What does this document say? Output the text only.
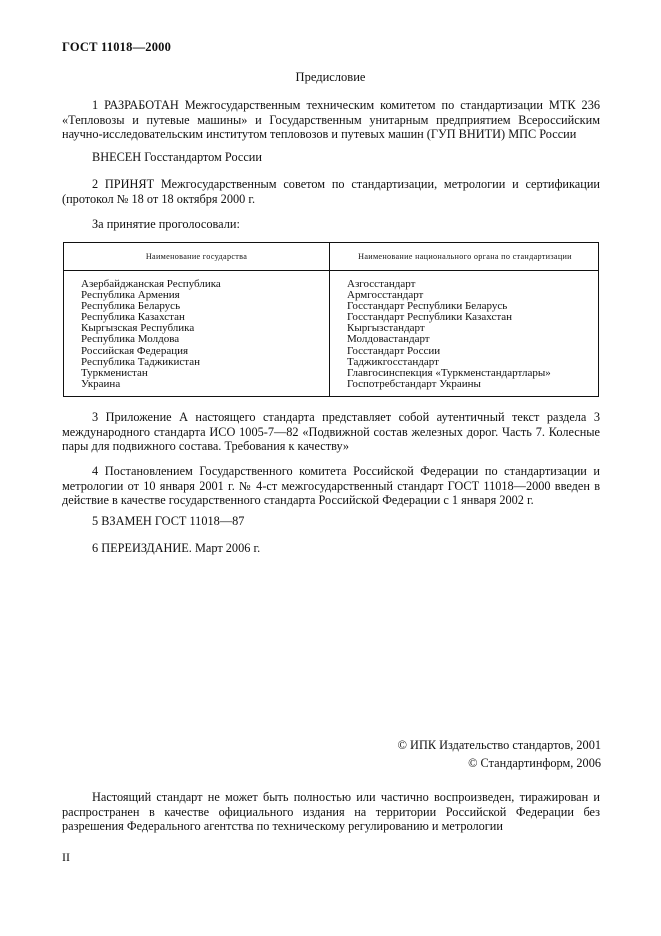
ГОСТ 11018—2000
Предисловие
1 РАЗРАБОТАН Межгосударственным техническим комитетом по стандартизации МТК 236 «Тепловозы и путевые машины» и Государственным унитарным предприятием Всероссийским научно-исследовательским институтом тепловозов и путевых машин (ГУП ВНИТИ) МПС России
ВНЕСЕН Госстандартом России
2 ПРИНЯТ Межгосударственным советом по стандартизации, метрологии и сертификации (протокол № 18 от 18 октября 2000 г.
За принятие проголосовали:
Наименование государства	Наименование национального органа по стандартизации
Азербайджанская Республика
Республика Армения
Республика Беларусь
Республика Казахстан
Кыргызская Республика
Республика Молдова
Российская Федерация
Республика Таджикистан
Туркменистан
Украина
Азгосстандарт
Армгосстандарт
Госстандарт Республики Беларусь
Госстандарт Республики Казахстан
Кыргызстандарт
Молдовастандарт
Госстандарт России
Таджикгосстандарт
Главгосинспекция «Туркменстандартлары»
Госпотребстандарт Украины
3 Приложение А настоящего стандарта представляет собой аутентичный текст раздела 3 международного стандарта ИСО 1005-7—82 «Подвижной состав железных дорог. Часть 7. Колесные пары для подвижного состава. Требования к качеству»
4 Постановлением Государственного комитета Российской Федерации по стандартизации и метрологии от 10 января 2001 г. № 4-ст межгосударственный стандарт ГОСТ 11018—2000 введен в действие в качестве государственного стандарта Российской Федерации с 1 января 2002 г.
5 ВЗАМЕН ГОСТ 11018—87
6 ПЕРЕИЗДАНИЕ. Март 2006 г.
© ИПК Издательство стандартов, 2001
© Стандартинформ, 2006
Настоящий стандарт не может быть полностью или частично воспроизведен, тиражирован и распространен в качестве официального издания на территории Российской Федерации без разрешения Федерального агентства по техническому регулированию и метрологии
II
